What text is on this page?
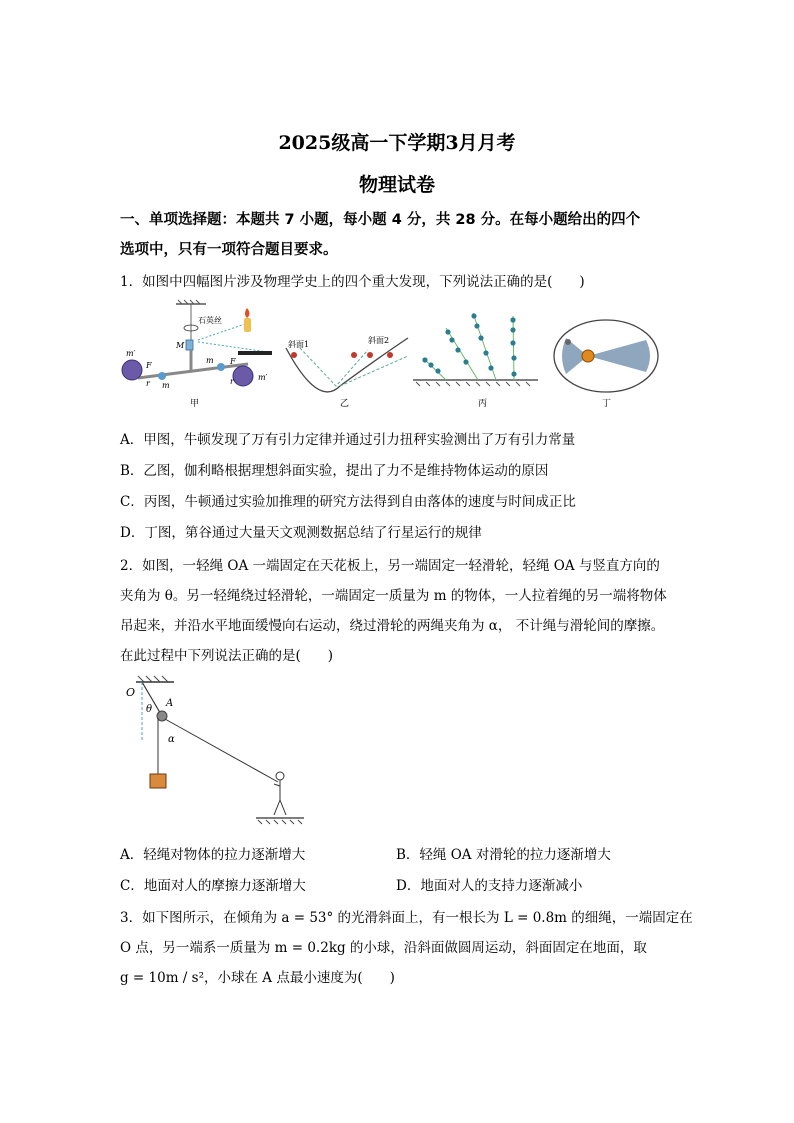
2025级高一下学期3月月考
物理试卷
一、单项选择题：本题共 7 小题，每小题 4 分，共 28 分。在每小题给出的四个
选项中，只有一项符合题目要求。
1．如图中四幅图片涉及物理学史上的四个重大发现，下列说法正确的是(　　)
石英丝
M
m′
m′
m
m
F	F
r	r
甲
斜面1	斜面2
乙	丙	丁
A．甲图，牛顿发现了万有引力定律并通过引力扭秤实验测出了万有引力常量
B．乙图，伽利略根据理想斜面实验，提出了力不是维持物体运动的原因
C．丙图，牛顿通过实验加推理的研究方法得到自由落体的速度与时间成正比
D．丁图，第谷通过大量天文观测数据总结了行星运行的规律
2．如图，一轻绳 OA 一端固定在天花板上，另一端固定一轻滑轮，轻绳 OA 与竖直方向的
夹角为 θ。另一轻绳绕过轻滑轮，一端固定一质量为 m 的物体，一人拉着绳的另一端将物体
吊起来，并沿水平地面缓慢向右运动，绕过滑轮的两绳夹角为 α， 不计绳与滑轮间的摩擦。
在此过程中下列说法正确的是(　　)
O
θ
A
α
A．轻绳对物体的拉力逐渐增大	B．轻绳 OA 对滑轮的拉力逐渐增大
C．地面对人的摩擦力逐渐增大	D．地面对人的支持力逐渐减小
3．如下图所示，在倾角为 a = 53° 的光滑斜面上，有一根长为 L = 0.8m 的细绳，一端固定在
O 点，另一端系一质量为 m = 0.2kg 的小球，沿斜面做圆周运动，斜面固定在地面，取
g = 10m / s²，小球在 A 点最小速度为(　　)
